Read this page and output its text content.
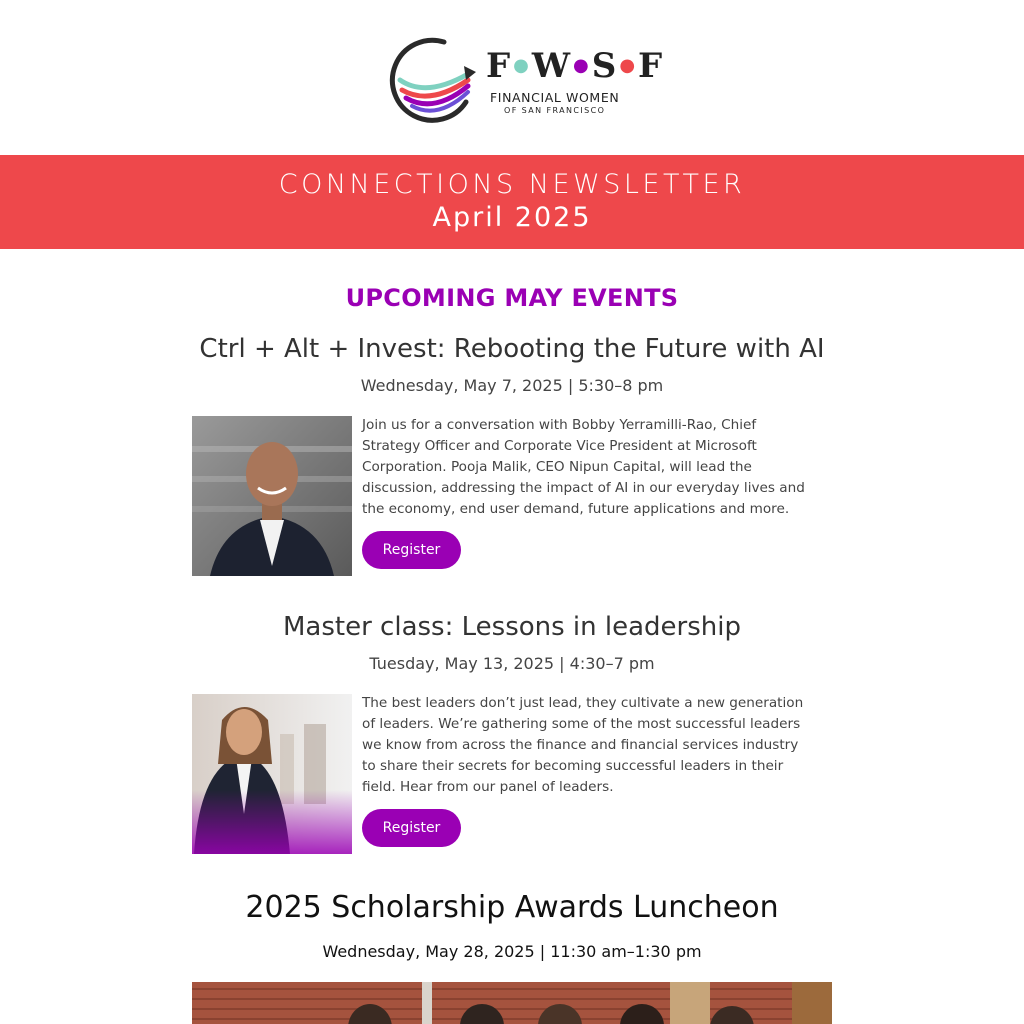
F ●W ●S ●F
FINANCIAL WOMEN
OF SAN FRANCISCO
CONNECTIONS NEWSLETTER
April 2025
UPCOMING MAY EVENTS
Ctrl + Alt + Invest: Rebooting the Future with AI
Wednesday, May 7, 2025 | 5:30–8 pm
Join us for a conversation with Bobby Yerramilli-Rao, Chief
Strategy Officer and Corporate Vice President at Microsoft
Corporation. Pooja Malik, CEO Nipun Capital, will lead the
discussion, addressing the impact of AI in our everyday lives and
the economy, end user demand, future applications and more.
Register
Master class: Lessons in leadership
Tuesday, May 13, 2025 | 4:30–7 pm
The best leaders don’t just lead, they cultivate a new generation
of leaders. We’re gathering some of the most successful leaders
we know from across the finance and financial services industry
to share their secrets for becoming successful leaders in their
field. Hear from our panel of leaders.
Register
2025 Scholarship Awards Luncheon
Wednesday, May 28, 2025 | 11:30 am–1:30 pm
